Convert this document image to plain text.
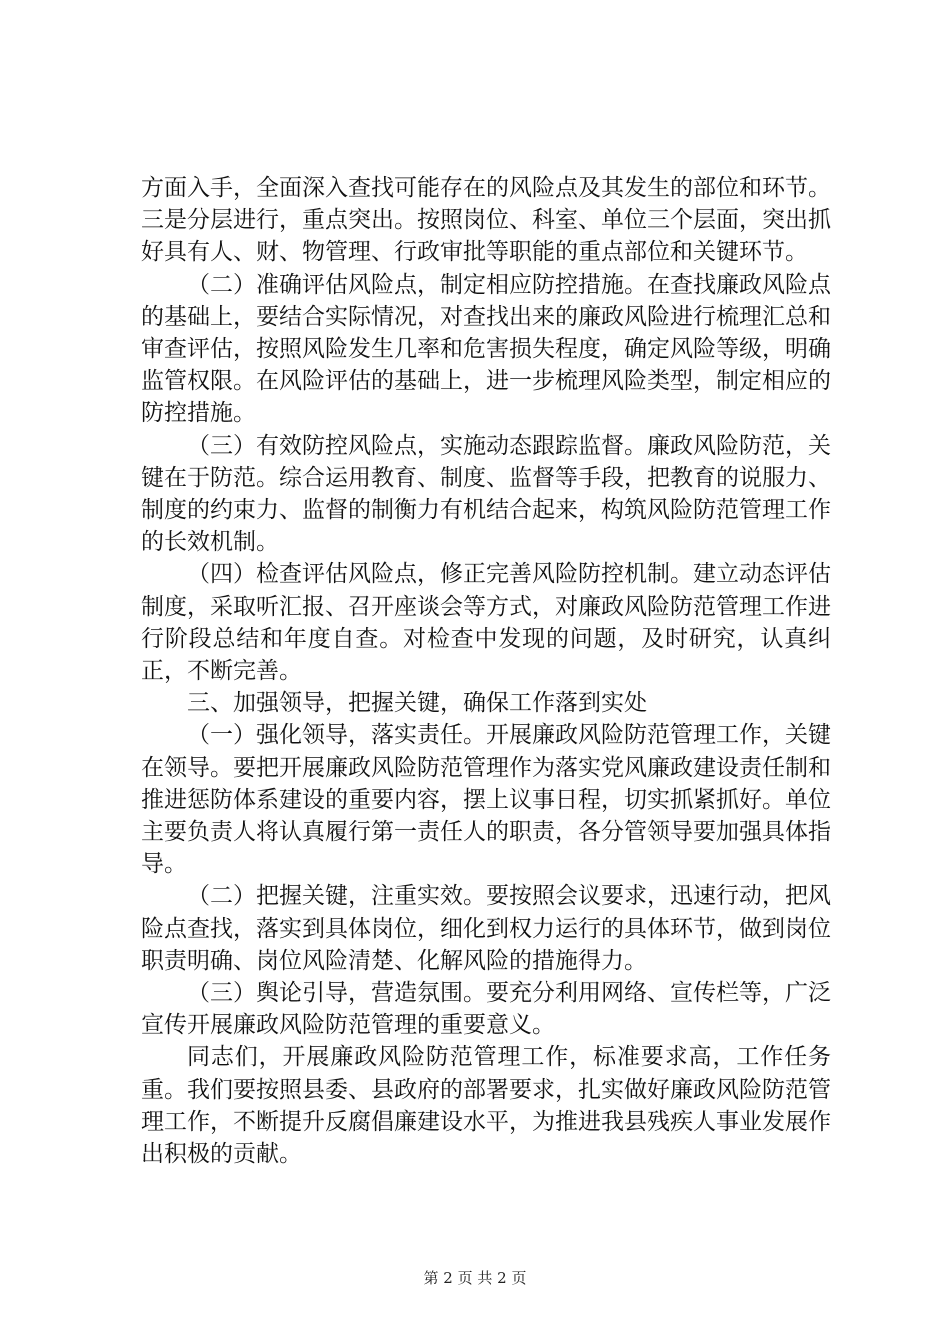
方面入手，全面深入查找可能存在的风险点及其发生的部位和环节。三是分层进行，重点突出。按照岗位、科室、单位三个层面，突出抓好具有人、财、物管理、行政审批等职能的重点部位和关键环节。

（二）准确评估风险点，制定相应防控措施。在查找廉政风险点的基础上，要结合实际情况，对查找出来的廉政风险进行梳理汇总和审查评估，按照风险发生几率和危害损失程度，确定风险等级，明确监管权限。在风险评估的基础上，进一步梳理风险类型，制定相应的防控措施。

（三）有效防控风险点，实施动态跟踪监督。廉政风险防范，关键在于防范。综合运用教育、制度、监督等手段，把教育的说服力、制度的约束力、监督的制衡力有机结合起来，构筑风险防范管理工作的长效机制。

（四）检查评估风险点，修正完善风险防控机制。建立动态评估制度，采取听汇报、召开座谈会等方式，对廉政风险防范管理工作进行阶段总结和年度自查。对检查中发现的问题，及时研究，认真纠正，不断完善。

三、加强领导，把握关键，确保工作落到实处

（一）强化领导，落实责任。开展廉政风险防范管理工作，关键在领导。要把开展廉政风险防范管理作为落实党风廉政建设责任制和推进惩防体系建设的重要内容，摆上议事日程，切实抓紧抓好。单位主要负责人将认真履行第一责任人的职责，各分管领导要加强具体指导。

（二）把握关键，注重实效。要按照会议要求，迅速行动，把风险点查找，落实到具体岗位，细化到权力运行的具体环节，做到岗位职责明确、岗位风险清楚、化解风险的措施得力。

（三）舆论引导，营造氛围。要充分利用网络、宣传栏等，广泛宣传开展廉政风险防范管理的重要意义。

同志们，开展廉政风险防范管理工作，标准要求高，工作任务重。我们要按照县委、县政府的部署要求，扎实做好廉政风险防范管理工作，不断提升反腐倡廉建设水平，为推进我县残疾人事业发展作出积极的贡献。

第 2 页 共 2 页
